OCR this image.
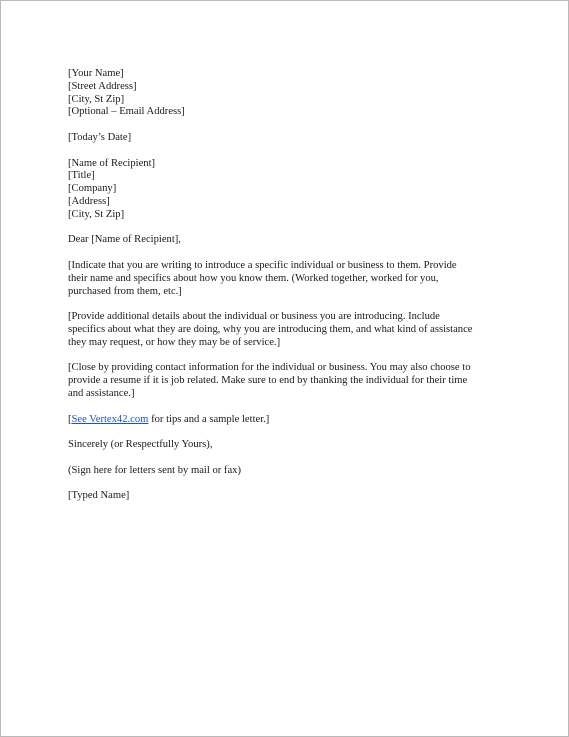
[Your Name]
[Street Address]
[City, St Zip]
[Optional – Email Address]
[Today’s Date]
[Name of Recipient]
[Title]
[Company]
[Address]
[City, St Zip]
Dear [Name of Recipient],
[Indicate that you are writing to introduce a specific individual or business to them. Provide
their name and specifics about how you know them. (Worked together, worked for you,
purchased from them, etc.]
[Provide additional details about the individual or business you are introducing. Include
specifics about what they are doing, why you are introducing them, and what kind of assistance
they may request, or how they may be of service.]
[Close by providing contact information for the individual or business. You may also choose to
provide a resume if it is job related. Make sure to end by thanking the individual for their time
and assistance.]
[See Vertex42.com for tips and a sample letter.]
Sincerely (or Respectfully Yours),
(Sign here for letters sent by mail or fax)
[Typed Name]
